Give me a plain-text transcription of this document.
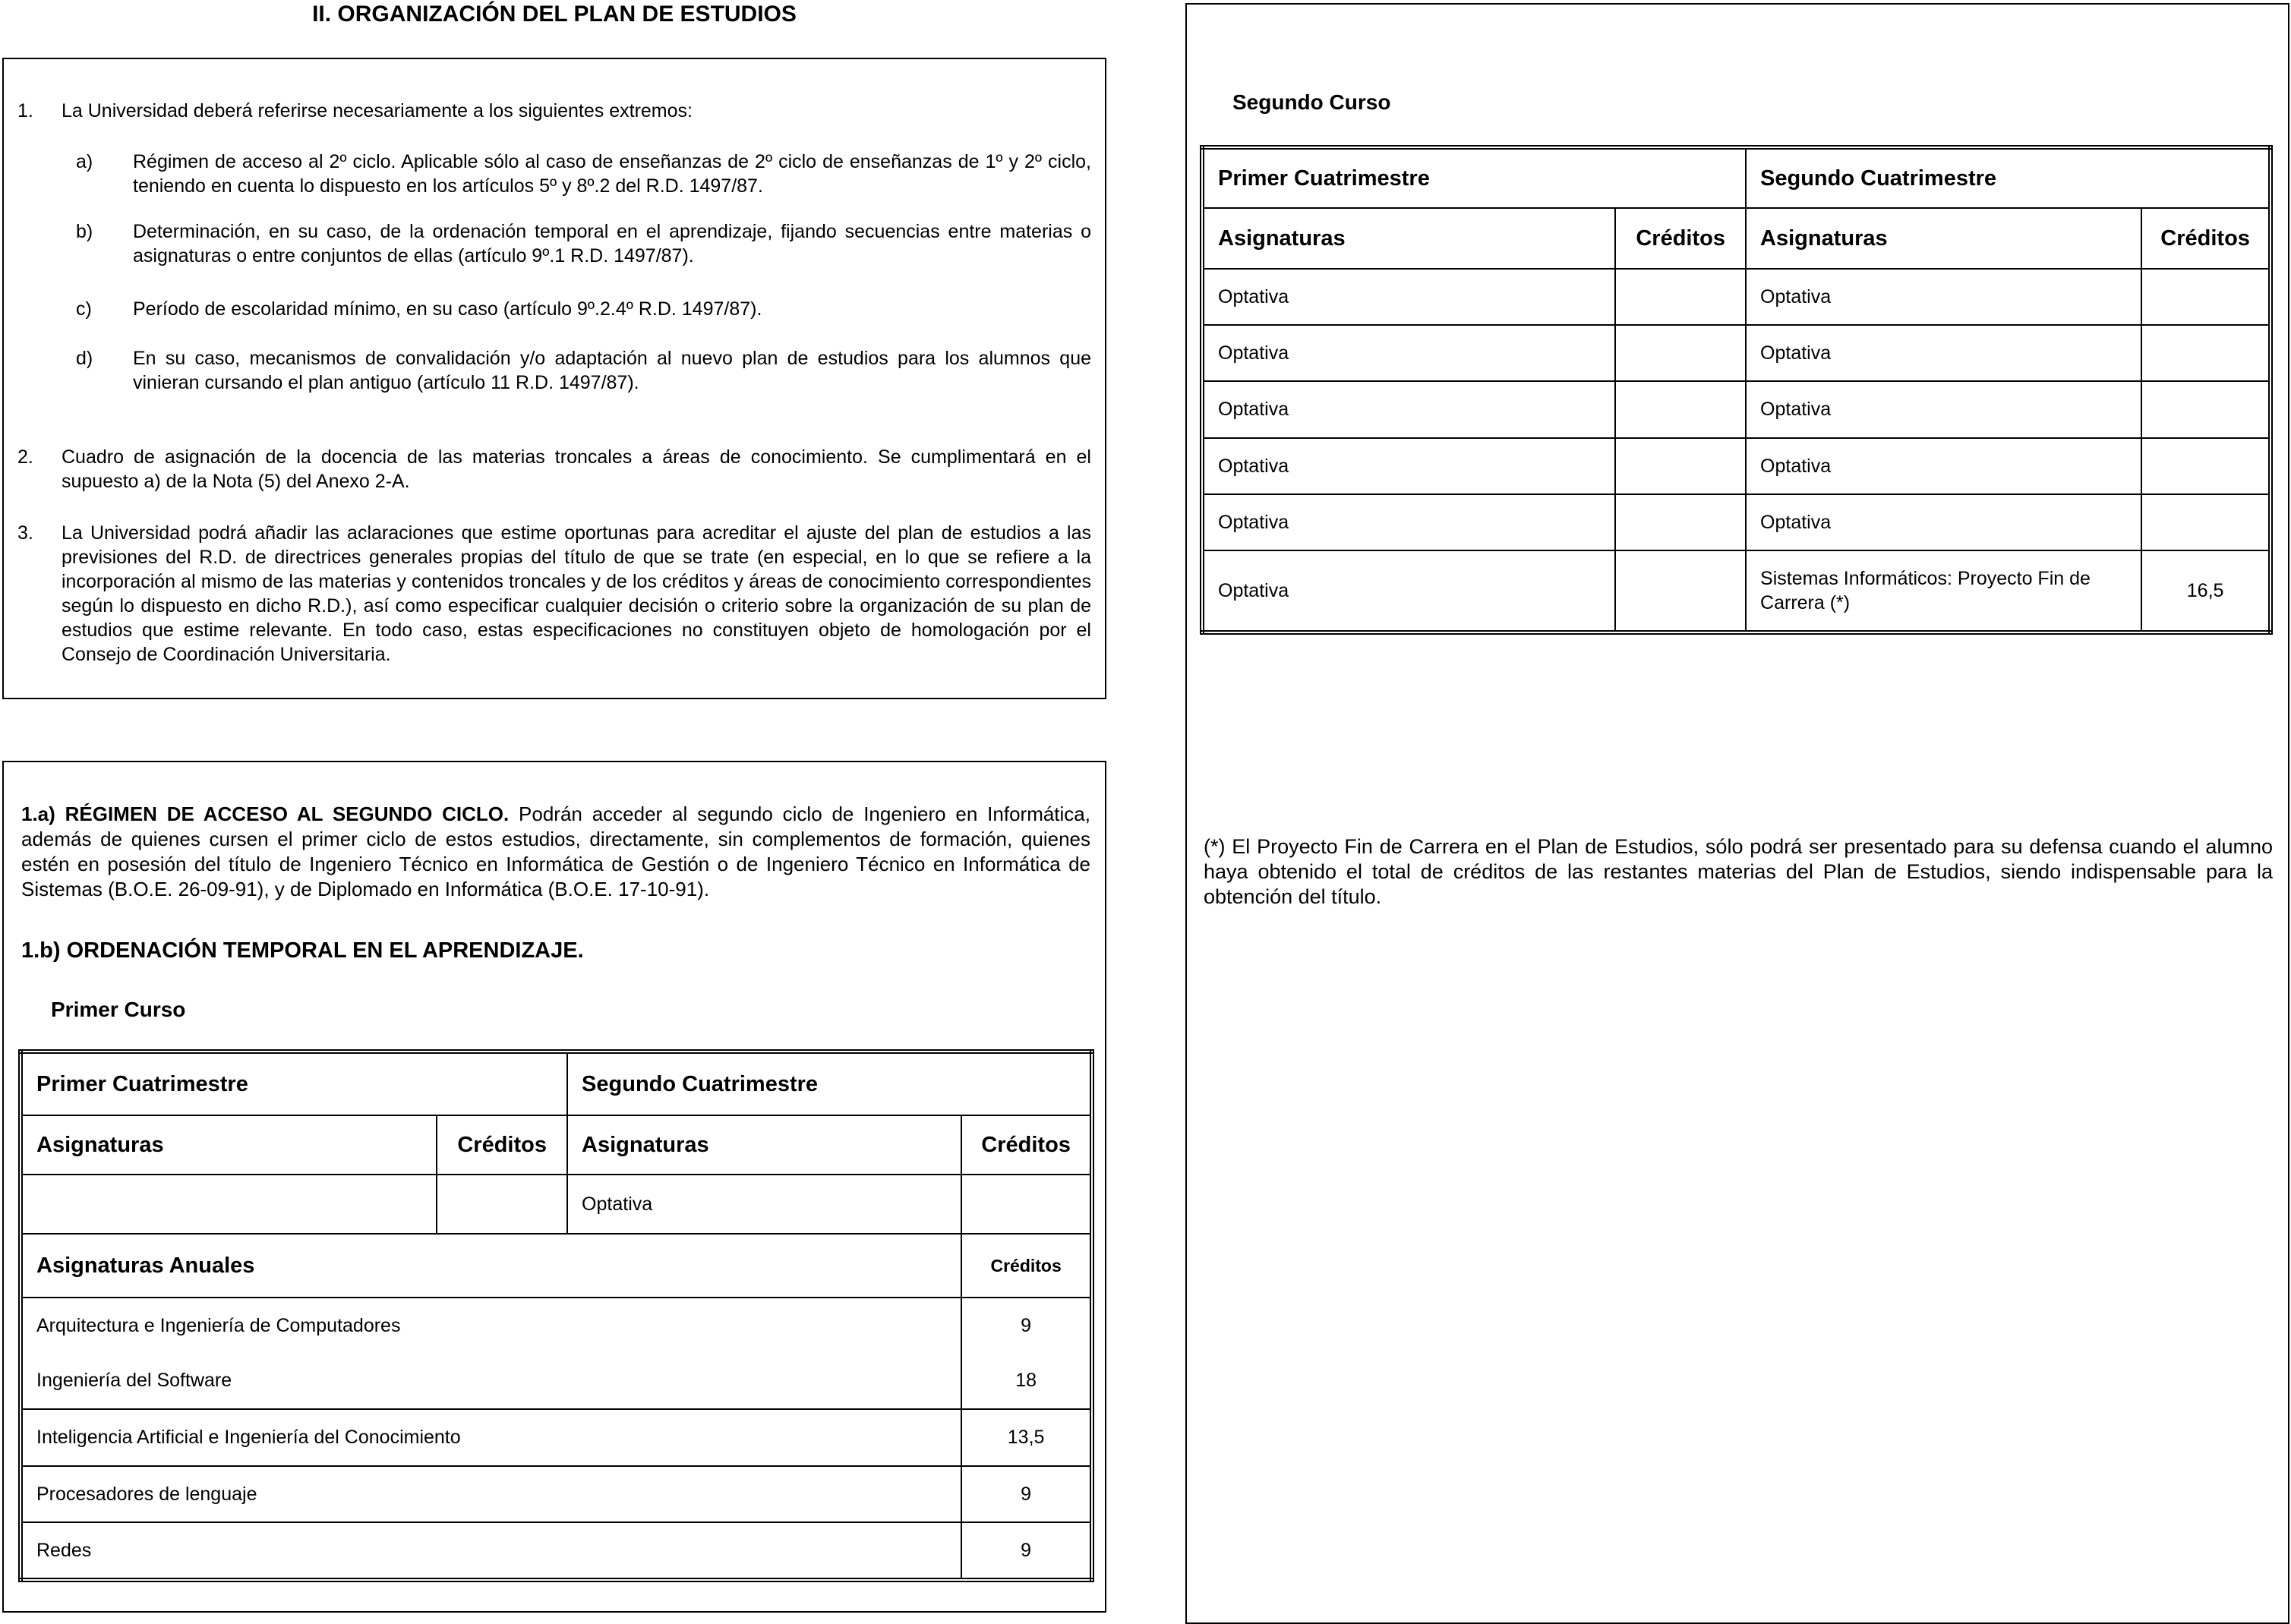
II. ORGANIZACIÓN DEL PLAN DE ESTUDIOS
1. La Universidad deberá referirse necesariamente a los siguientes extremos:
a) Régimen de acceso al 2º ciclo. Aplicable sólo al caso de enseñanzas de 2º ciclo de enseñanzas de 1º y 2º ciclo, teniendo en cuenta lo dispuesto en los artículos 5º y 8º.2 del R.D. 1497/87.
b) Determinación, en su caso, de la ordenación temporal en el aprendizaje, fijando secuencias entre materias o asignaturas o entre conjuntos de ellas (artículo 9º.1 R.D. 1497/87).
c) Período de escolaridad mínimo, en su caso (artículo 9º.2.4º R.D. 1497/87).
d) En su caso, mecanismos de convalidación y/o adaptación al nuevo plan de estudios para los alumnos que vinieran cursando el plan antiguo (artículo 11 R.D. 1497/87).
2. Cuadro de asignación de la docencia de las materias troncales a áreas de conocimiento. Se cumplimentará en el supuesto a) de la Nota (5) del Anexo 2-A.
3. La Universidad podrá añadir las aclaraciones que estime oportunas para acreditar el ajuste del plan de estudios a las previsiones del R.D. de directrices generales propias del título de que se trate (en especial, en lo que se refiere a la incorporación al mismo de las materias y contenidos troncales y de los créditos y áreas de conocimiento correspondientes según lo dispuesto en dicho R.D.), así como especificar cualquier decisión o criterio sobre la organización de su plan de estudios que estime relevante. En todo caso, estas especificaciones no constituyen objeto de homologación por el Consejo de Coordinación Universitaria.
1.a) RÉGIMEN DE ACCESO AL SEGUNDO CICLO. Podrán acceder al segundo ciclo de Ingeniero en Informática, además de quienes cursen el primer ciclo de estos estudios, directamente, sin complementos de formación, quienes estén en posesión del título de Ingeniero Técnico en Informática de Gestión o de Ingeniero Técnico en Informática de Sistemas (B.O.E. 26-09-91), y de Diplomado en Informática (B.O.E. 17-10-91).
1.b) ORDENACIÓN TEMPORAL EN EL APRENDIZAJE.
Primer Curso
Primer Cuatrimestre		Segundo Cuatrimestre	
Asignaturas	Créditos	Asignaturas	Créditos
		Optativa	
Asignaturas Anuales			Créditos
Arquitectura e Ingeniería de Computadores			9
Ingeniería del Software			18
Inteligencia Artificial e Ingeniería del Conocimiento			13,5
Procesadores de lenguaje			9
Redes			9
Segundo Curso
Primer Cuatrimestre		Segundo Cuatrimestre	
Asignaturas	Créditos	Asignaturas	Créditos
Optativa		Optativa	
Optativa		Optativa	
Optativa		Optativa	
Optativa		Optativa	
Optativa		Optativa	
Optativa		Sistemas Informáticos: Proyecto Fin de Carrera (*)	16,5
(*) El Proyecto Fin de Carrera en el Plan de Estudios, sólo podrá ser presentado para su defensa cuando el alumno haya obtenido el total de créditos de las restantes materias del Plan de Estudios, siendo indispensable para la obtención del título.
